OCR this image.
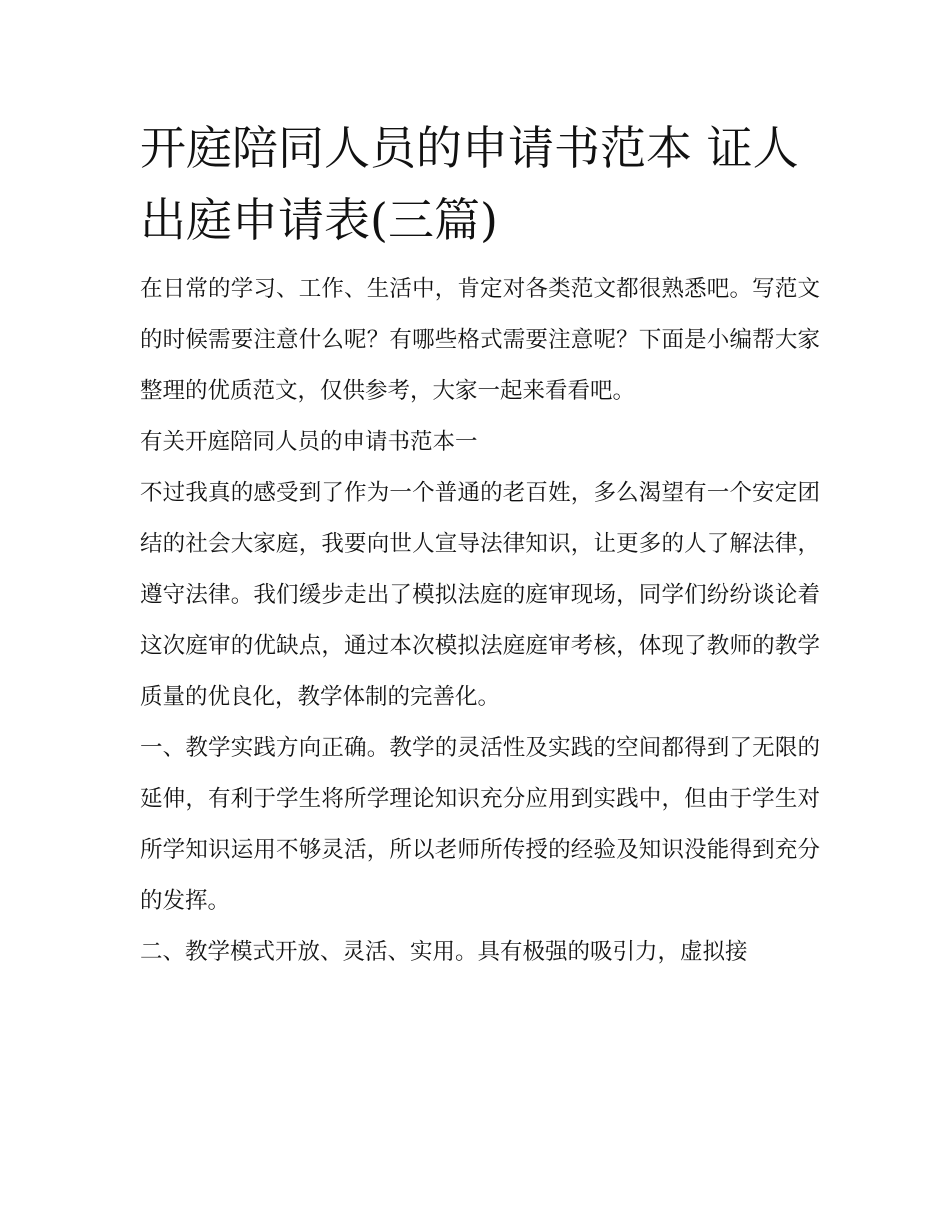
开庭陪同人员的申请书范本 证人出庭申请表(三篇)

在日常的学习、工作、生活中，肯定对各类范文都很熟悉吧。写范文的时候需要注意什么呢？有哪些格式需要注意呢？下面是小编帮大家整理的优质范文，仅供参考，大家一起来看看吧。

有关开庭陪同人员的申请书范本一

不过我真的感受到了作为一个普通的老百姓，多么渴望有一个安定团结的社会大家庭，我要向世人宣导法律知识，让更多的人了解法律，遵守法律。我们缓步走出了模拟法庭的庭审现场，同学们纷纷谈论着这次庭审的优缺点，通过本次模拟法庭庭审考核，体现了教师的教学质量的优良化，教学体制的完善化。

一、教学实践方向正确。教学的灵活性及实践的空间都得到了无限的延伸，有利于学生将所学理论知识充分应用到实践中，但由于学生对所学知识运用不够灵活，所以老师所传授的经验及知识没能得到充分的发挥。

二、教学模式开放、灵活、实用。具有极强的吸引力，虚拟接
